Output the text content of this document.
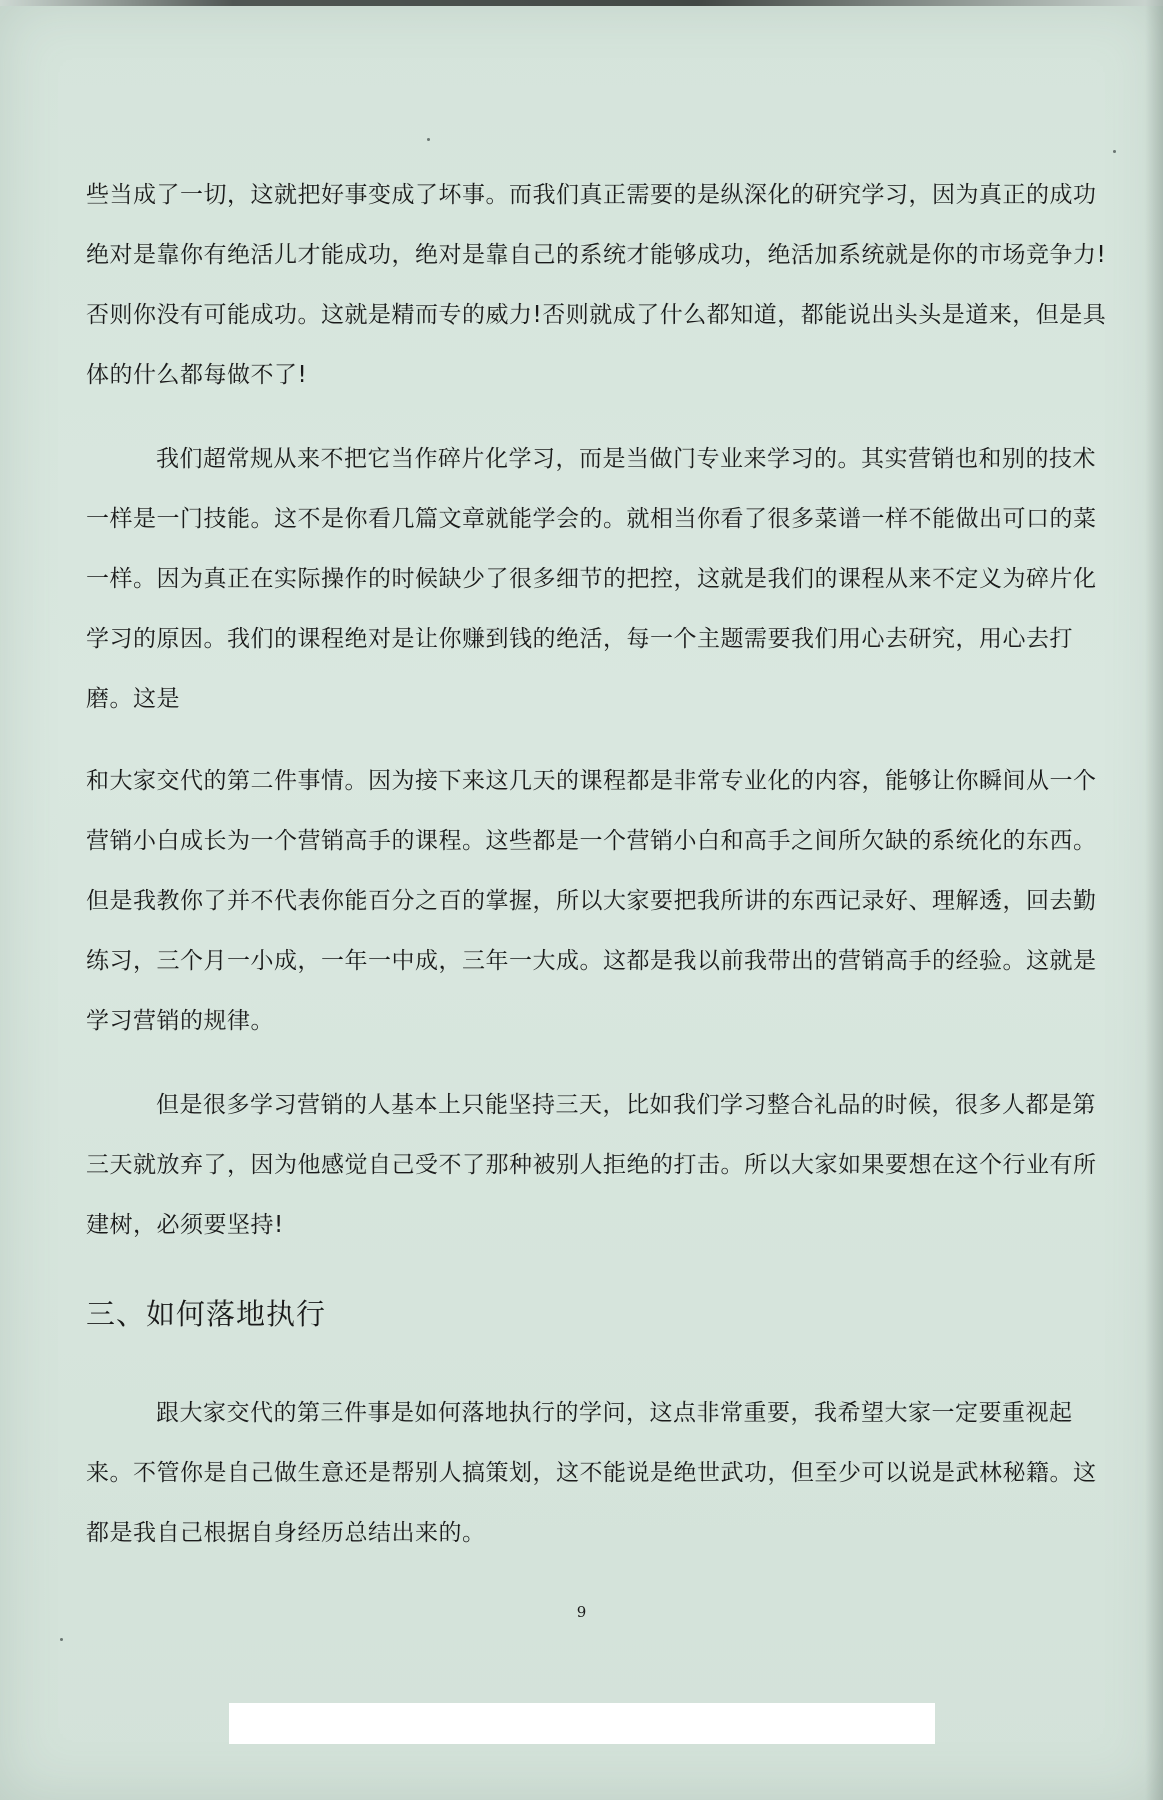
些当成了一切，这就把好事变成了坏事。而我们真正需要的是纵深化的研究学习，因为真正的成功
绝对是靠你有绝活儿才能成功，绝对是靠自己的系统才能够成功，绝活加系统就是你的市场竞争力!
否则你没有可能成功。这就是精而专的威力!否则就成了什么都知道，都能说出头头是道来，但是具
体的什么都每做不了!
我们超常规从来不把它当作碎片化学习，而是当做门专业来学习的。其实营销也和别的技术
一样是一门技能。这不是你看几篇文章就能学会的。就相当你看了很多菜谱一样不能做出可口的菜
一样。因为真正在实际操作的时候缺少了很多细节的把控，这就是我们的课程从来不定义为碎片化
学习的原因。我们的课程绝对是让你赚到钱的绝活，每一个主题需要我们用心去研究，用心去打
磨。这是
和大家交代的第二件事情。因为接下来这几天的课程都是非常专业化的内容，能够让你瞬间从一个
营销小白成长为一个营销高手的课程。这些都是一个营销小白和高手之间所欠缺的系统化的东西。
但是我教你了并不代表你能百分之百的掌握，所以大家要把我所讲的东西记录好、理解透，回去勤
练习，三个月一小成，一年一中成，三年一大成。这都是我以前我带出的营销高手的经验。这就是
学习营销的规律。
但是很多学习营销的人基本上只能坚持三天，比如我们学习整合礼品的时候，很多人都是第
三天就放弃了，因为他感觉自己受不了那种被别人拒绝的打击。所以大家如果要想在这个行业有所
建树，必须要坚持!
三、如何落地执行
跟大家交代的第三件事是如何落地执行的学问，这点非常重要，我希望大家一定要重视起
来。不管你是自己做生意还是帮别人搞策划，这不能说是绝世武功，但至少可以说是武林秘籍。这
都是我自己根据自身经历总结出来的。
9
